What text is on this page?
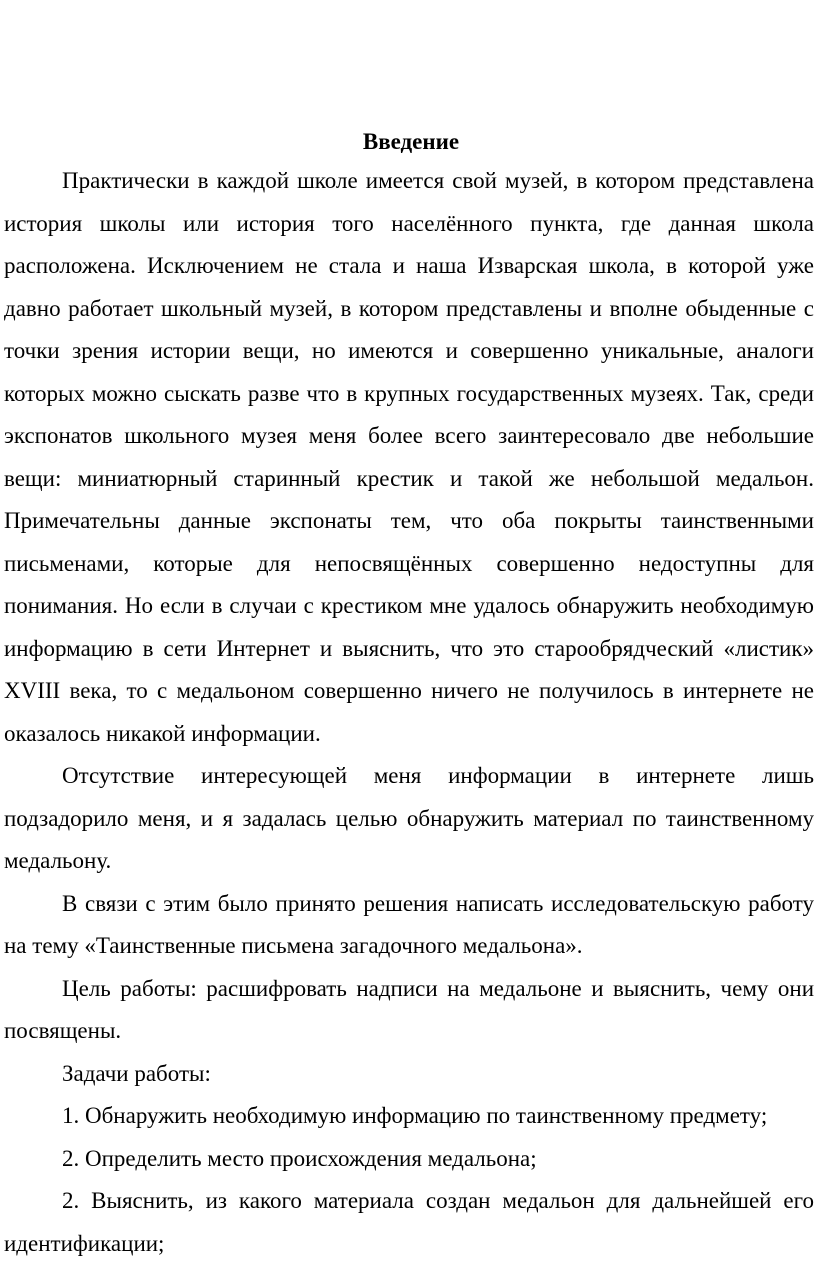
Введение

Практически в каждой школе имеется свой музей, в котором представлена история школы или история того населённого пункта, где данная школа расположена. Исключением не стала и наша Изварская школа, в которой уже давно работает школьный музей, в котором представлены и вполне обыденные с точки зрения истории вещи, но имеются и совершенно уникальные, аналоги которых можно сыскать разве что в крупных государственных музеях. Так, среди экспонатов школьного музея меня более всего заинтересовало две небольшие вещи: миниатюрный старинный крестик и такой же небольшой медальон. Примечательны данные экспонаты тем, что оба покрыты таинственными письменами, которые для непосвящённых совершенно недоступны для понимания. Но если в случаи с крестиком мне удалось обнаружить необходимую информацию в сети Интернет и выяснить, что это старообрядческий «листик» XVIII века, то с медальоном совершенно ничего не получилось в интернете не оказалось никакой информации.

Отсутствие интересующей меня информации в интернете лишь подзадорило меня, и я задалась целью обнаружить материал по таинственному медальону.

В связи с этим было принято решения написать исследовательскую работу на тему «Таинственные письмена загадочного медальона».

Цель работы: расшифровать надписи на медальоне и выяснить, чему они посвящены.

Задачи работы:

1. Обнаружить необходимую информацию по таинственному предмету;

2. Определить место происхождения медальона;

2. Выяснить, из какого материала создан медальон для дальнейшей его идентификации;
